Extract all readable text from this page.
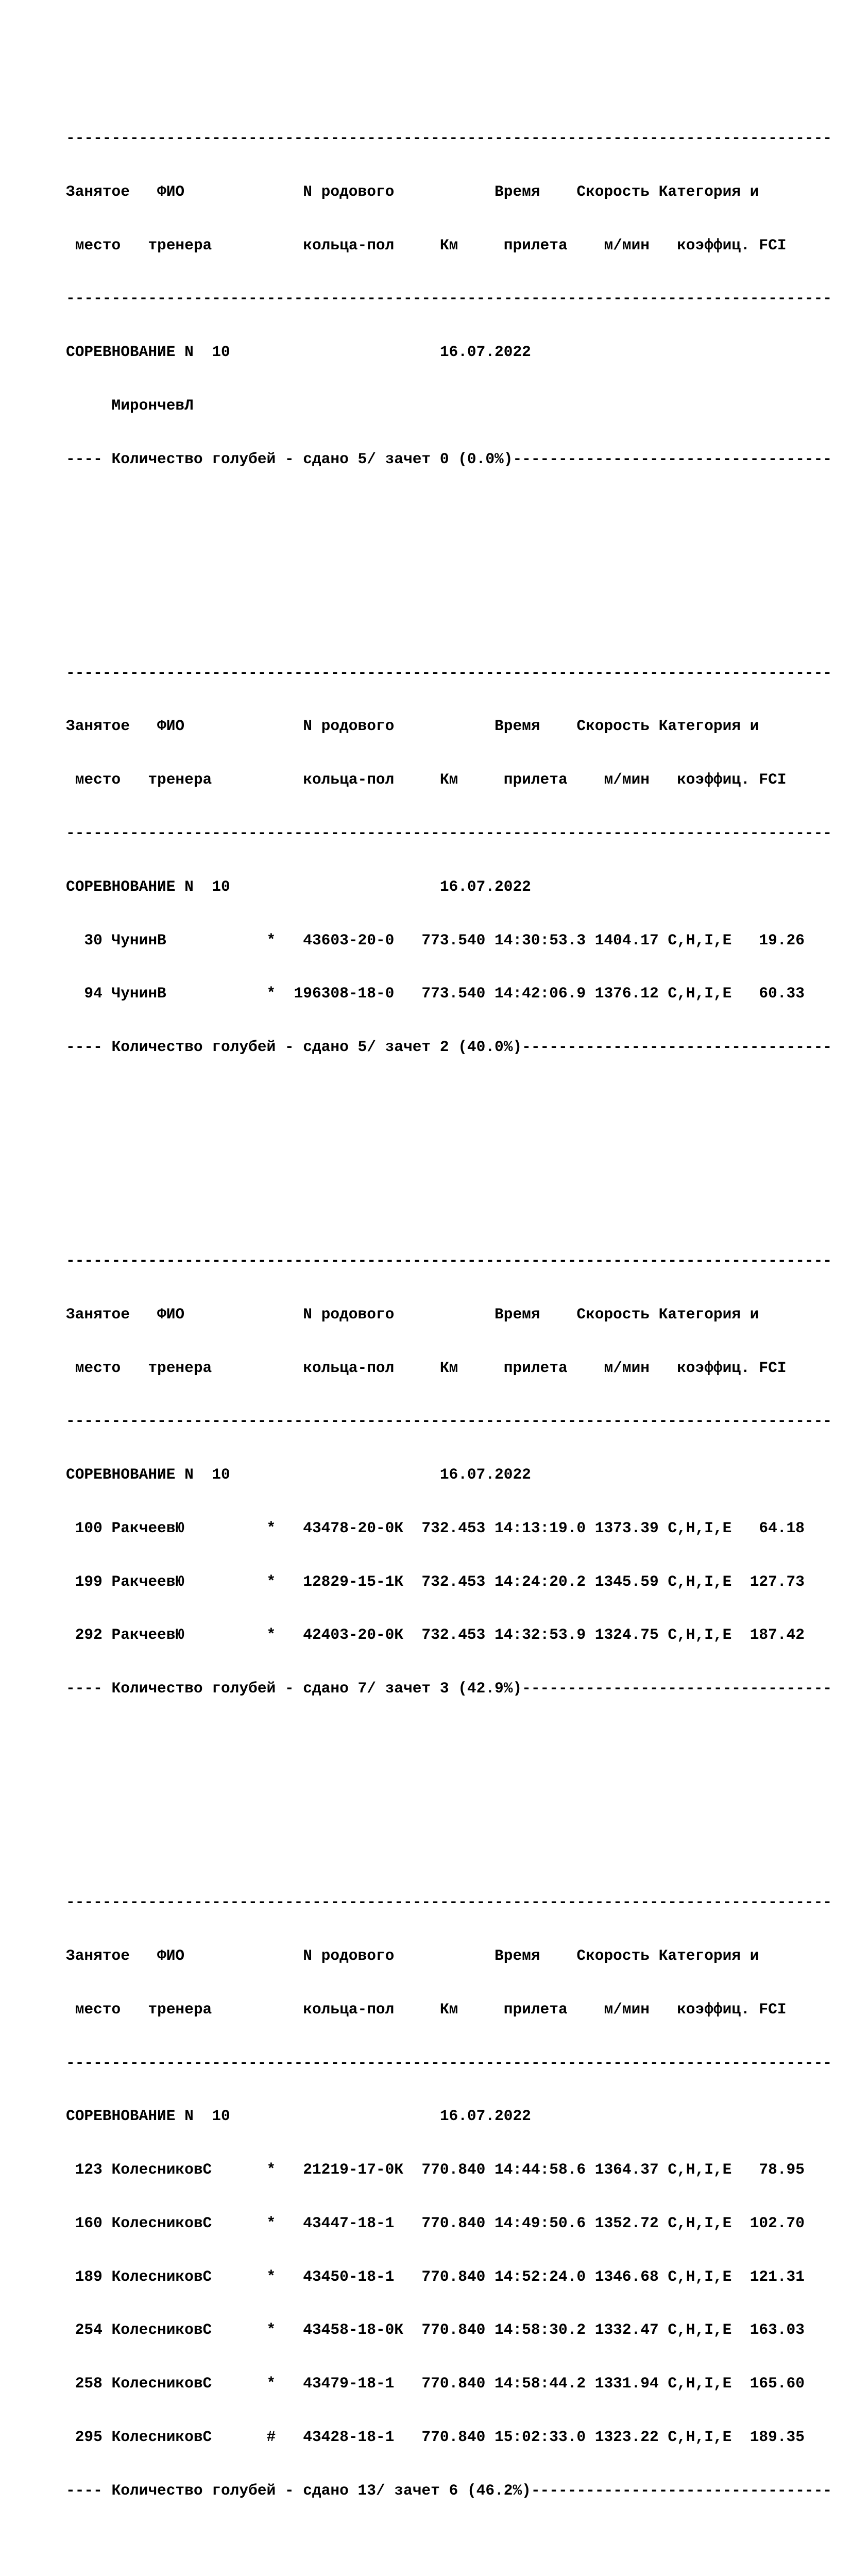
------------------------------------------------------------------------------------

Занятое   ФИО             N родового           Время    Скорость Категория и

место   тренера          кольца-пол     Км     прилета    м/мин   коэффиц. FCI

------------------------------------------------------------------------------------

СОРЕВНОВАНИЕ N  10                       16.07.2022

МирончевЛ

---- Количество голубей - сдано 5/ зачет 0 (0.0%)-----------------------------------

------------------------------------------------------------------------------------

Занятое   ФИО             N родового           Время    Скорость Категория и

место   тренера          кольца-пол     Км     прилета    м/мин   коэффиц. FCI

------------------------------------------------------------------------------------

СОРЕВНОВАНИЕ N  10                       16.07.2022

30 ЧунинВ           *   43603-20-0   773.540 14:30:53.3 1404.17 C,H,I,E   19.26

94 ЧунинВ           *  196308-18-0   773.540 14:42:06.9 1376.12 C,H,I,E   60.33

---- Количество голубей - сдано 5/ зачет 2 (40.0%)----------------------------------

------------------------------------------------------------------------------------

Занятое   ФИО             N родового           Время    Скорость Категория и

место   тренера          кольца-пол     Км     прилета    м/мин   коэффиц. FCI

------------------------------------------------------------------------------------

СОРЕВНОВАНИЕ N  10                       16.07.2022

100 РакчеевЮ         *   43478-20-0К  732.453 14:13:19.0 1373.39 C,H,I,E   64.18

199 РакчеевЮ         *   12829-15-1К  732.453 14:24:20.2 1345.59 C,H,I,E  127.73

292 РакчеевЮ         *   42403-20-0К  732.453 14:32:53.9 1324.75 C,H,I,E  187.42

---- Количество голубей - сдано 7/ зачет 3 (42.9%)----------------------------------

------------------------------------------------------------------------------------

Занятое   ФИО             N родового           Время    Скорость Категория и

место   тренера          кольца-пол     Км     прилета    м/мин   коэффиц. FCI

------------------------------------------------------------------------------------

СОРЕВНОВАНИЕ N  10                       16.07.2022

123 КолесниковС      *   21219-17-0К  770.840 14:44:58.6 1364.37 C,H,I,E   78.95

160 КолесниковС      *   43447-18-1   770.840 14:49:50.6 1352.72 C,H,I,E  102.70

189 КолесниковС      *   43450-18-1   770.840 14:52:24.0 1346.68 C,H,I,E  121.31

254 КолесниковС      *   43458-18-0К  770.840 14:58:30.2 1332.47 C,H,I,E  163.03

258 КолесниковС      *   43479-18-1   770.840 14:58:44.2 1331.94 C,H,I,E  165.60

295 КолесниковС      #   43428-18-1   770.840 15:02:33.0 1323.22 C,H,I,E  189.35

---- Количество голубей - сдано 13/ зачет 6 (46.2%)---------------------------------
